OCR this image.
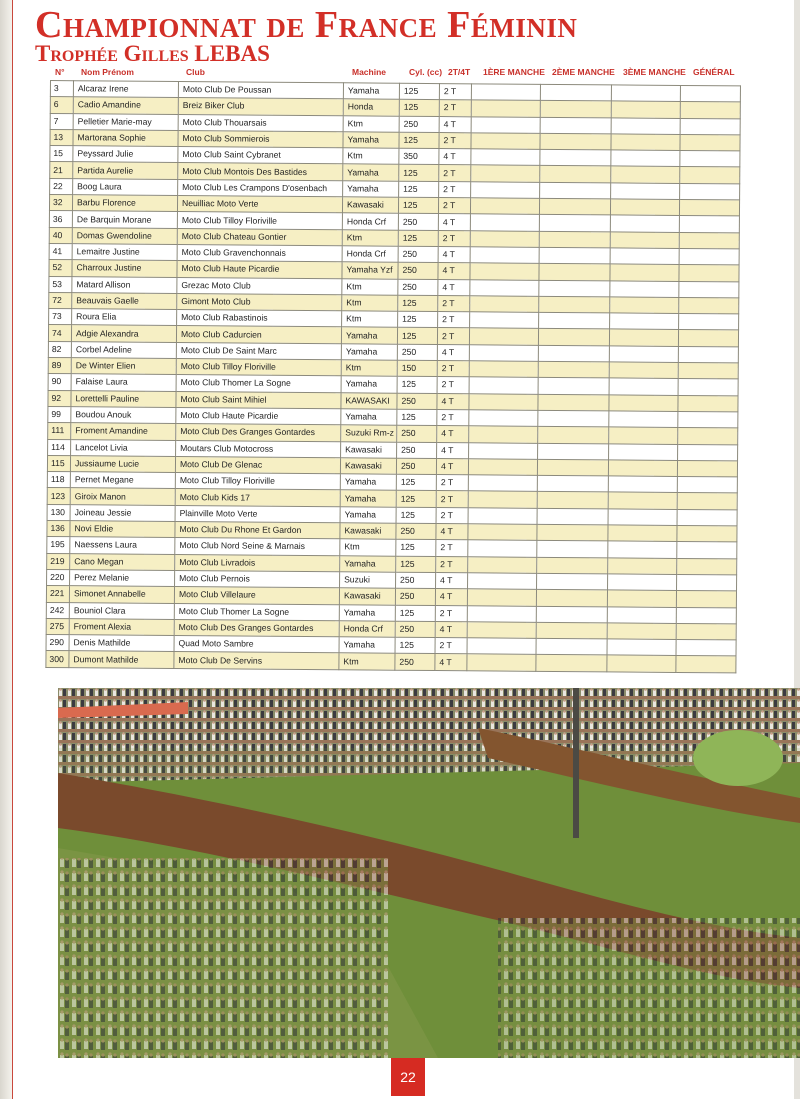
Championnat de France Féminin
Trophée Gilles LEBAS
N° Nom Prénom	Club	Machine	Cyl. (cc) 2T/4T 1ÈRE MANCHE 2ÈME MANCHE 3ÈME MANCHE GÉNÉRAL
3	Alcaraz Irene	Moto Club De Poussan	Yamaha	125	2 T				
6	Cadio Amandine	Breiz Biker Club	Honda	125	2 T				
7	Pelletier Marie-may	Moto Club Thouarsais	Ktm	250	4 T				
13	Martorana Sophie	Moto Club Sommierois	Yamaha	125	2 T				
15	Peyssard Julie	Moto Club Saint Cybranet	Ktm	350	4 T				
21	Partida Aurelie	Moto Club Montois Des Bastides	Yamaha	125	2 T				
22	Boog Laura	Moto Club Les Crampons D'osenbach	Yamaha	125	2 T				
32	Barbu Florence	Neuilliac Moto Verte	Kawasaki	125	2 T				
36	De Barquin Morane	Moto Club Tilloy Floriville	Honda Crf	250	4 T				
40	Domas Gwendoline	Moto Club Chateau Gontier	Ktm	125	2 T				
41	Lemaitre Justine	Moto Club Gravenchonnais	Honda Crf	250	4 T				
52	Charroux Justine	Moto Club Haute Picardie	Yamaha Yzf	250	4 T				
53	Matard Allison	Grezac Moto Club	Ktm	250	4 T				
72	Beauvais Gaelle	Gimont Moto Club	Ktm	125	2 T				
73	Roura Elia	Moto Club Rabastinois	Ktm	125	2 T				
74	Adgie Alexandra	Moto Club Cadurcien	Yamaha	125	2 T				
82	Corbel Adeline	Moto Club De Saint Marc	Yamaha	250	4 T				
89	De Winter Elien	Moto Club Tilloy Floriville	Ktm	150	2 T				
90	Falaise Laura	Moto Club Thomer La Sogne	Yamaha	125	2 T				
92	Lorettelli Pauline	Moto Club Saint Mihiel	KAWASAKI	250	4 T				
99	Boudou Anouk	Moto Club Haute Picardie	Yamaha	125	2 T				
111	Froment Amandine	Moto Club Des Granges Gontardes	Suzuki Rm-z	250	4 T				
114	Lancelot Livia	Moutars Club Motocross	Kawasaki	250	4 T				
115	Jussiaume Lucie	Moto Club De Glenac	Kawasaki	250	4 T				
118	Pernet Megane	Moto Club Tilloy Floriville	Yamaha	125	2 T				
123	Giroix Manon	Moto Club Kids 17	Yamaha	125	2 T				
130	Joineau Jessie	Plainville Moto Verte	Yamaha	125	2 T				
136	Novi Eldie	Moto Club Du Rhone Et Gardon	Kawasaki	250	4 T				
195	Naessens Laura	Moto Club Nord Seine & Marnais	Ktm	125	2 T				
219	Cano Megan	Moto Club Livradois	Yamaha	125	2 T				
220	Perez Melanie	Moto Club Pernois	Suzuki	250	4 T				
221	Simonet Annabelle	Moto Club Villelaure	Kawasaki	250	4 T				
242	Bouniol Clara	Moto Club Thomer La Sogne	Yamaha	125	2 T				
275	Froment Alexia	Moto Club Des Granges Gontardes	Honda Crf	250	4 T				
290	Denis Mathilde	Quad Moto Sambre	Yamaha	125	2 T				
300	Dumont Mathilde	Moto Club De Servins	Ktm	250	4 T				
22
